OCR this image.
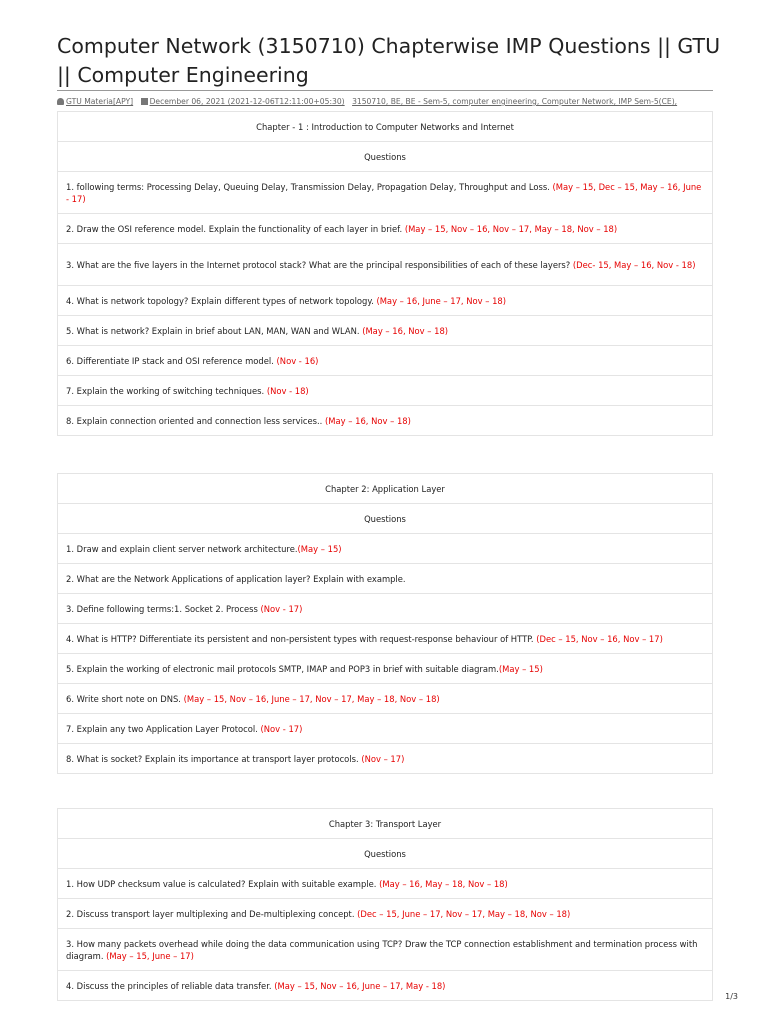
Computer Network (3150710) Chapterwise IMP Questions || GTU || Computer Engineering
GTU Materia[APY] December 06, 2021 (2021-12-06T12:11:00+05:30) 3150710, BE, BE - Sem-5, computer engineering, Computer Network, IMP Sem-5(CE),
Chapter - 1 : Introduction to Computer Networks and Internet
Questions
1. following terms: Processing Delay, Queuing Delay, Transmission Delay, Propagation Delay, Throughput and Loss. (May – 15, Dec – 15, May – 16, June - 17)
2. Draw the OSI reference model. Explain the functionality of each layer in brief. (May – 15, Nov – 16, Nov – 17, May – 18, Nov – 18)
3. What are the five layers in the Internet protocol stack? What are the principal responsibilities of each of these layers? (Dec- 15, May – 16, Nov - 18)
4. What is network topology? Explain different types of network topology. (May – 16, June – 17, Nov – 18)
5. What is network? Explain in brief about LAN, MAN, WAN and WLAN. (May – 16, Nov – 18)
6. Differentiate IP stack and OSI reference model. (Nov - 16)
7. Explain the working of switching techniques. (Nov - 18)
8. Explain connection oriented and connection less services.. (May – 16, Nov – 18)
Chapter 2: Application Layer
Questions
1. Draw and explain client server network architecture.(May – 15)
2. What are the Network Applications of application layer? Explain with example.
3. Define following terms:1. Socket 2. Process (Nov - 17)
4. What is HTTP? Differentiate its persistent and non-persistent types with request-response behaviour of HTTP. (Dec – 15, Nov – 16, Nov – 17)
5. Explain the working of electronic mail protocols SMTP, IMAP and POP3 in brief with suitable diagram.(May – 15)
6. Write short note on DNS. (May – 15, Nov – 16, June – 17, Nov – 17, May – 18, Nov – 18)
7. Explain any two Application Layer Protocol. (Nov - 17)
8. What is socket? Explain its importance at transport layer protocols. (Nov – 17)
Chapter 3: Transport Layer
Questions
1. How UDP checksum value is calculated? Explain with suitable example. (May – 16, May – 18, Nov – 18)
2. Discuss transport layer multiplexing and De-multiplexing concept. (Dec – 15, June – 17, Nov – 17, May – 18, Nov – 18)
3. How many packets overhead while doing the data communication using TCP? Draw the TCP connection establishment and termination process with diagram. (May – 15, June – 17)
4. Discuss the principles of reliable data transfer. (May – 15, Nov – 16, June – 17, May - 18)
1/3
